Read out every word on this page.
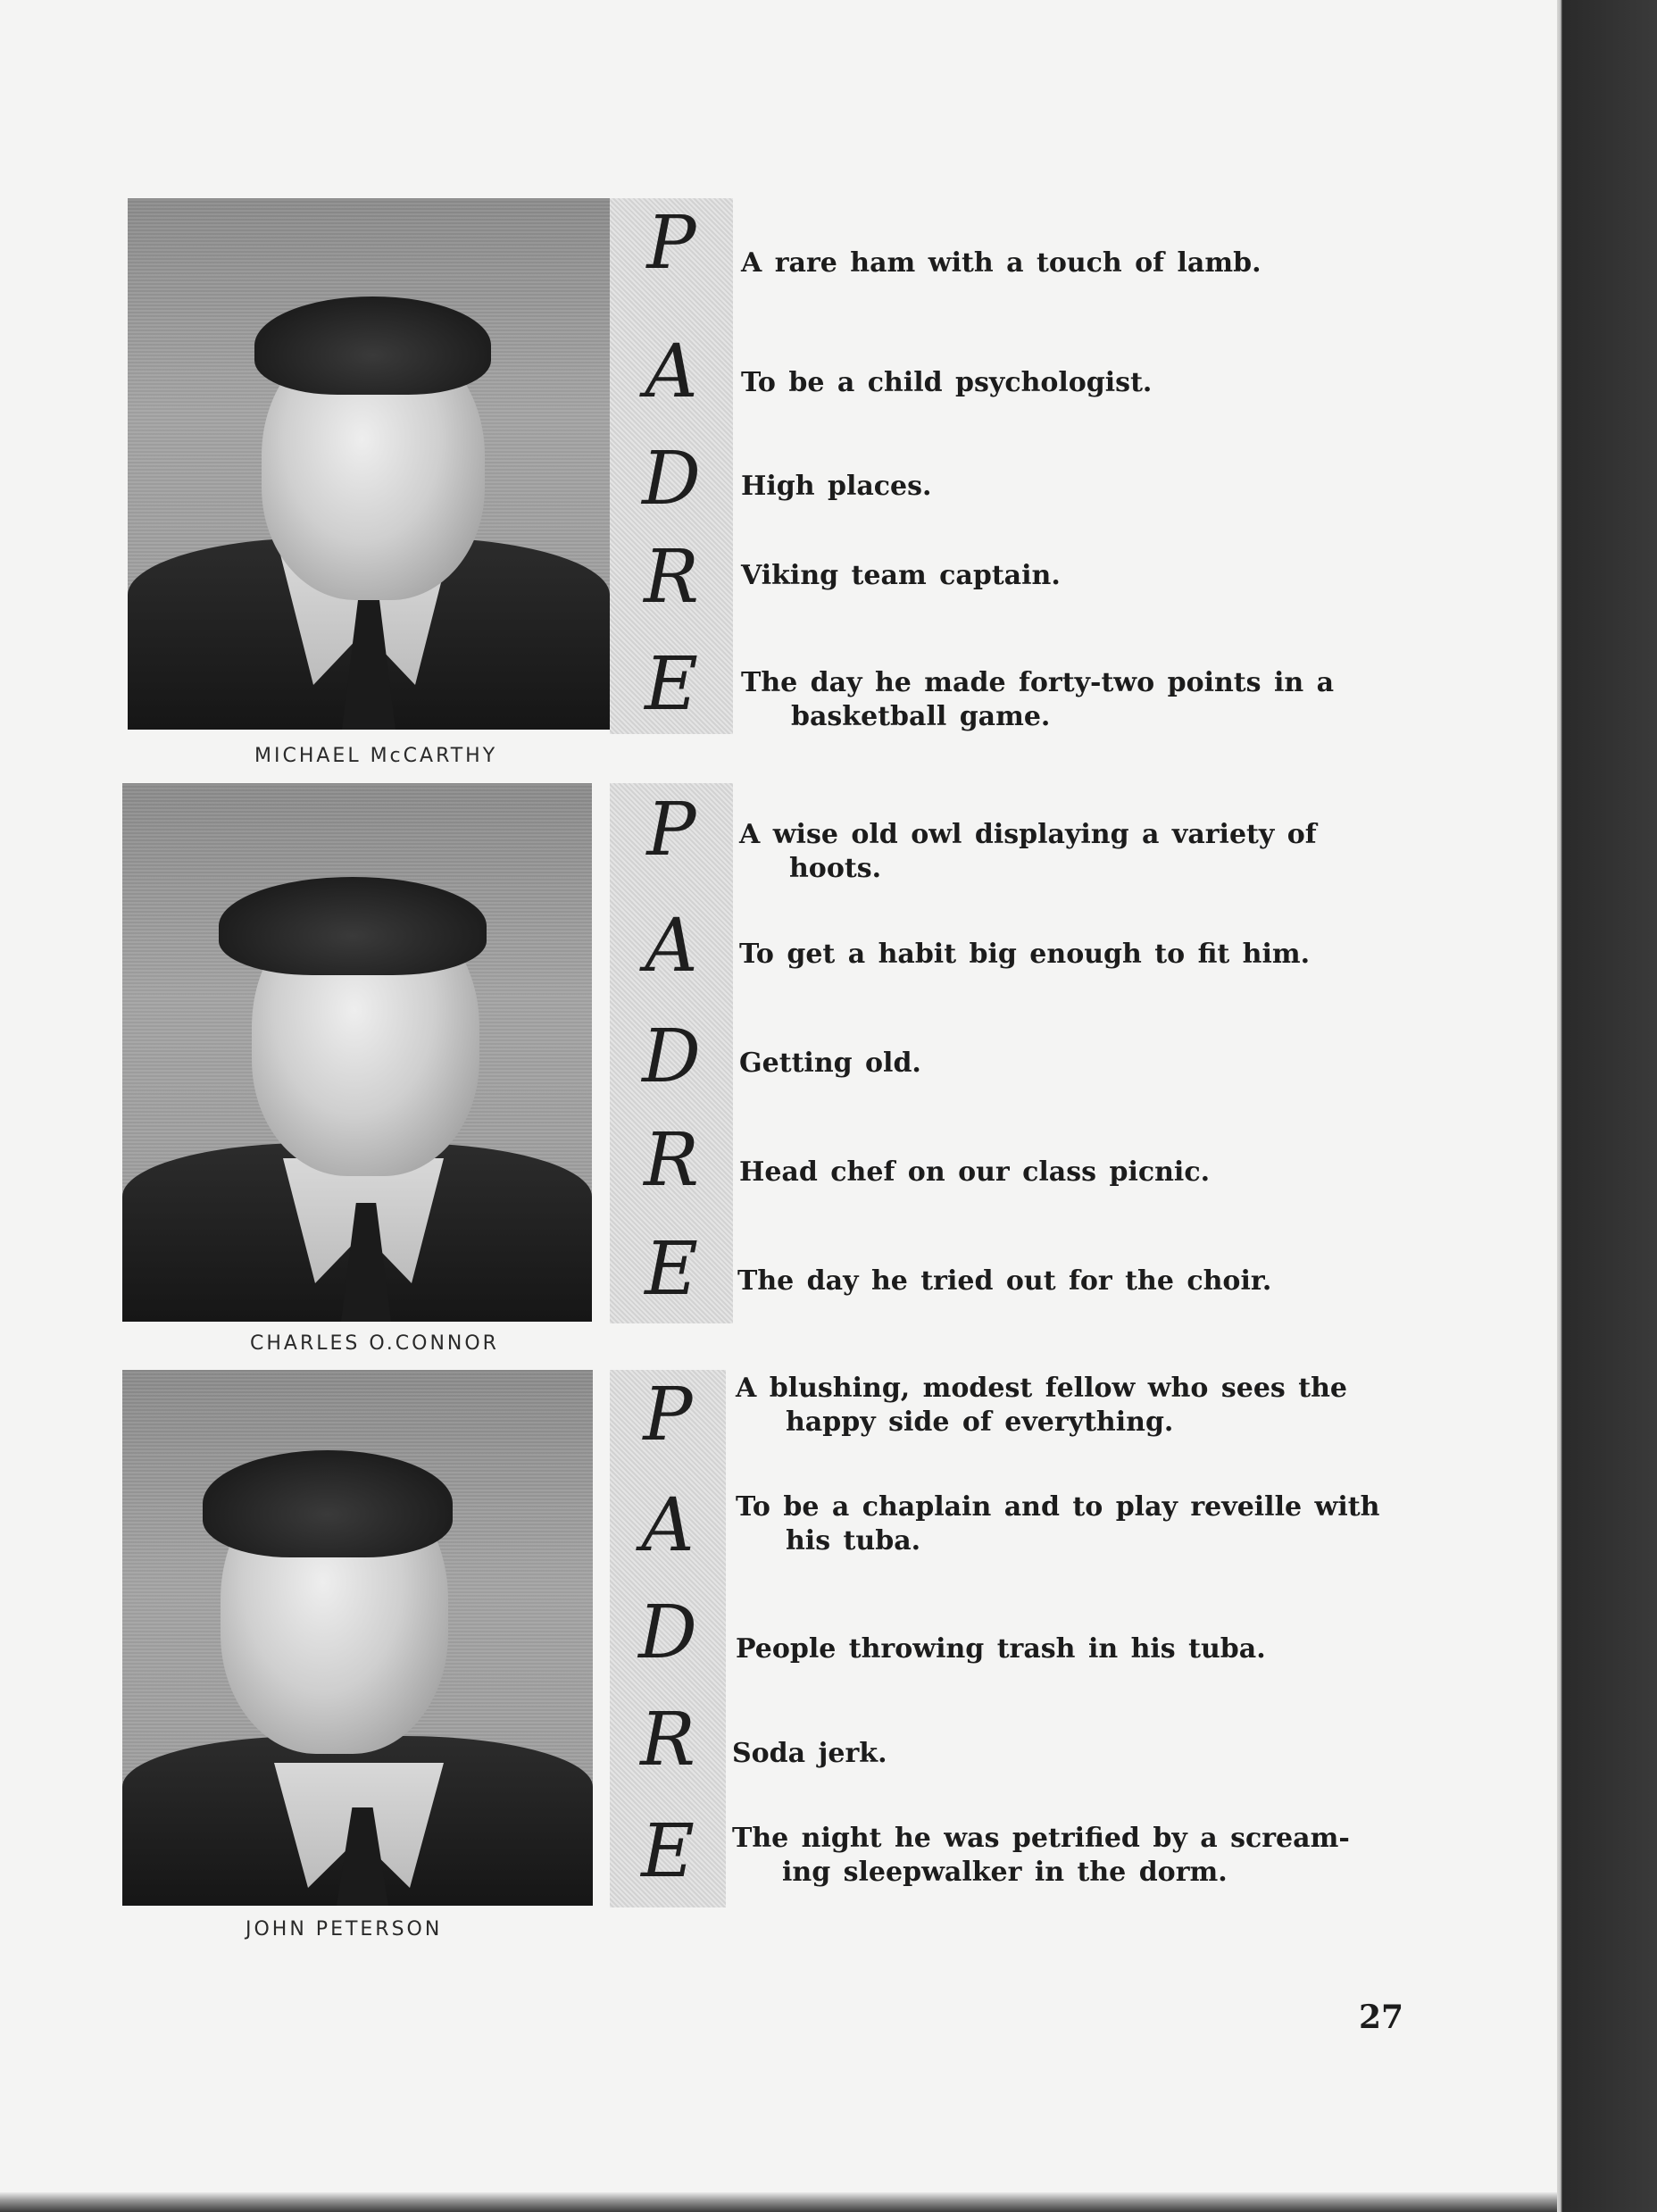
P
A
D
R
E
MICHAEL McCARTHY
A rare ham with a touch of lamb.
To be a child psychologist.
High places.
Viking team captain.
The day he made forty-two points in a
basketball game.
P
A
D
R
E
CHARLES O.CONNOR
A wise old owl displaying a variety of
hoots.
To get a habit big enough to fit him.
Getting old.
Head chef on our class picnic.
The day he tried out for the choir.
P
A
D
R
E
JOHN PETERSON
A blushing, modest fellow who sees the
happy side of everything.
To be a chaplain and to play reveille with
his tuba.
People throwing trash in his tuba.
Soda jerk.
The night he was petrified by a scream-
ing sleepwalker in the dorm.
27
